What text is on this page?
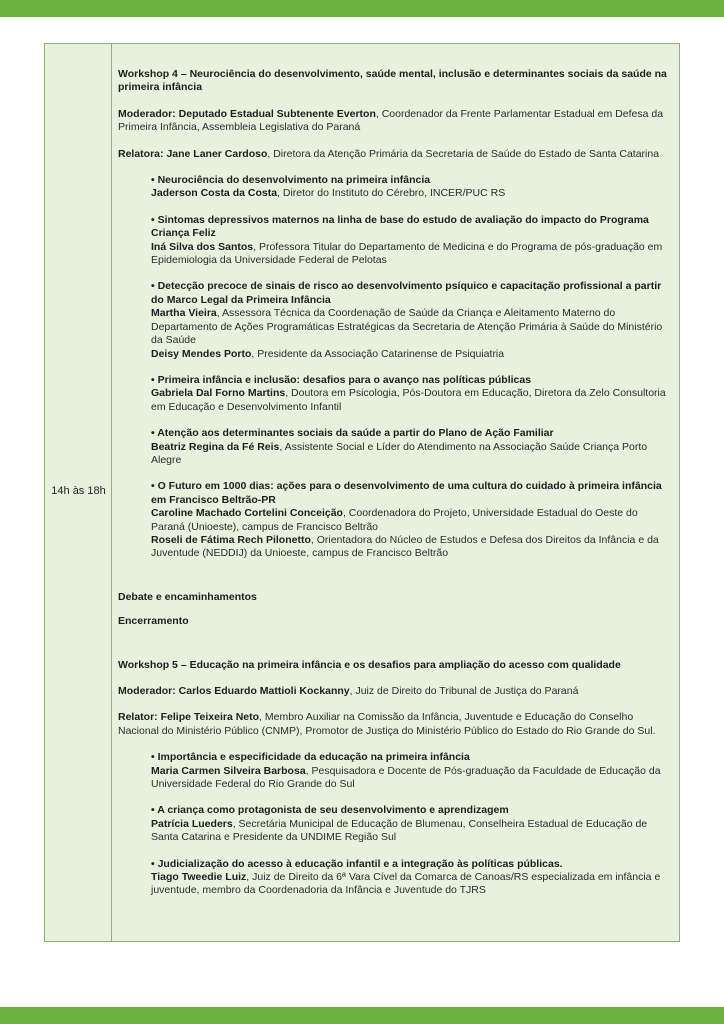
14h às 18h

Workshop 4 – Neurociência do desenvolvimento, saúde mental, inclusão e determinantes sociais da saúde na primeira infância

Moderador: Deputado Estadual Subtenente Everton, Coordenador da Frente Parlamentar Estadual em Defesa da Primeira Infância, Assembleia Legislativa do Paraná

Relatora: Jane Laner Cardoso, Diretora da Atenção Primária da Secretaria de Saúde do Estado de Santa Catarina

• Neurociência do desenvolvimento na primeira infância

Jaderson Costa da Costa, Diretor do Instituto do Cérebro, INCER/PUC RS

• Sintomas depressivos maternos na linha de base do estudo de avaliação do impacto do Programa Criança Feliz

Iná Silva dos Santos, Professora Titular do Departamento de Medicina e do Programa de pós-graduação em Epidemiologia da Universidade Federal de Pelotas

• Detecção precoce de sinais de risco ao desenvolvimento psíquico e capacitação profissional a partir do Marco Legal da Primeira Infância

Martha Vieira, Assessora Técnica da Coordenação de Saúde da Criança e Aleitamento Materno do Departamento de Ações Programáticas Estratégicas da Secretaria de Atenção Primária à Saúde do Ministério da Saúde

Deisy Mendes Porto, Presidente da Associação Catarinense de Psiquiatria

• Primeira infância e inclusão: desafios para o avanço nas políticas públicas

Gabriela Dal Forno Martins, Doutora em Psicologia, Pós-Doutora em Educação, Diretora da Zelo Consultoria em Educação e Desenvolvimento Infantil

• Atenção aos determinantes sociais da saúde a partir do Plano de Ação Familiar

Beatriz Regina da Fé Reis, Assistente Social e Líder do Atendimento na Associação Saúde Criança Porto Alegre

• O Futuro em 1000 dias: ações para o desenvolvimento de uma cultura do cuidado à primeira infância em Francisco Beltrão-PR

Caroline Machado Cortelini Conceição, Coordenadora do Projeto, Universidade Estadual do Oeste do Paraná (Unioeste), campus de Francisco Beltrão

Roseli de Fátima Rech Pilonetto, Orientadora do Núcleo de Estudos e Defesa dos Direitos da Infância e da Juventude (NEDDIJ) da Unioeste, campus de Francisco Beltrão

Debate e encaminhamentos

Encerramento

Workshop 5 – Educação na primeira infância e os desafios para ampliação do acesso com qualidade

Moderador: Carlos Eduardo Mattioli Kockanny, Juiz de Direito do Tribunal de Justiça do Paraná

Relator: Felipe Teixeira Neto, Membro Auxiliar na Comissão da Infância, Juventude e Educação do Conselho Nacional do Ministério Público (CNMP), Promotor de Justiça do Ministério Público do Estado do Rio Grande do Sul.

• Importância e especificidade da educação na primeira infância

Maria Carmen Silveira Barbosa, Pesquisadora e Docente de Pós-graduação da Faculdade de Educação da Universidade Federal do Rio Grande do Sul

• A criança como protagonista de seu desenvolvimento e aprendizagem

Patrícia Lueders, Secretária Municipal de Educação de Blumenau, Conselheira Estadual de Educação de Santa Catarina e Presidente da UNDIME Região Sul

• Judicialização do acesso à educação infantil e a integração às políticas públicas.

Tiago Tweedie Luiz, Juiz de Direito da 6ª Vara Cível da Comarca de Canoas/RS especializada em infância e juventude, membro da Coordenadoria da Infância e Juventude do TJRS
